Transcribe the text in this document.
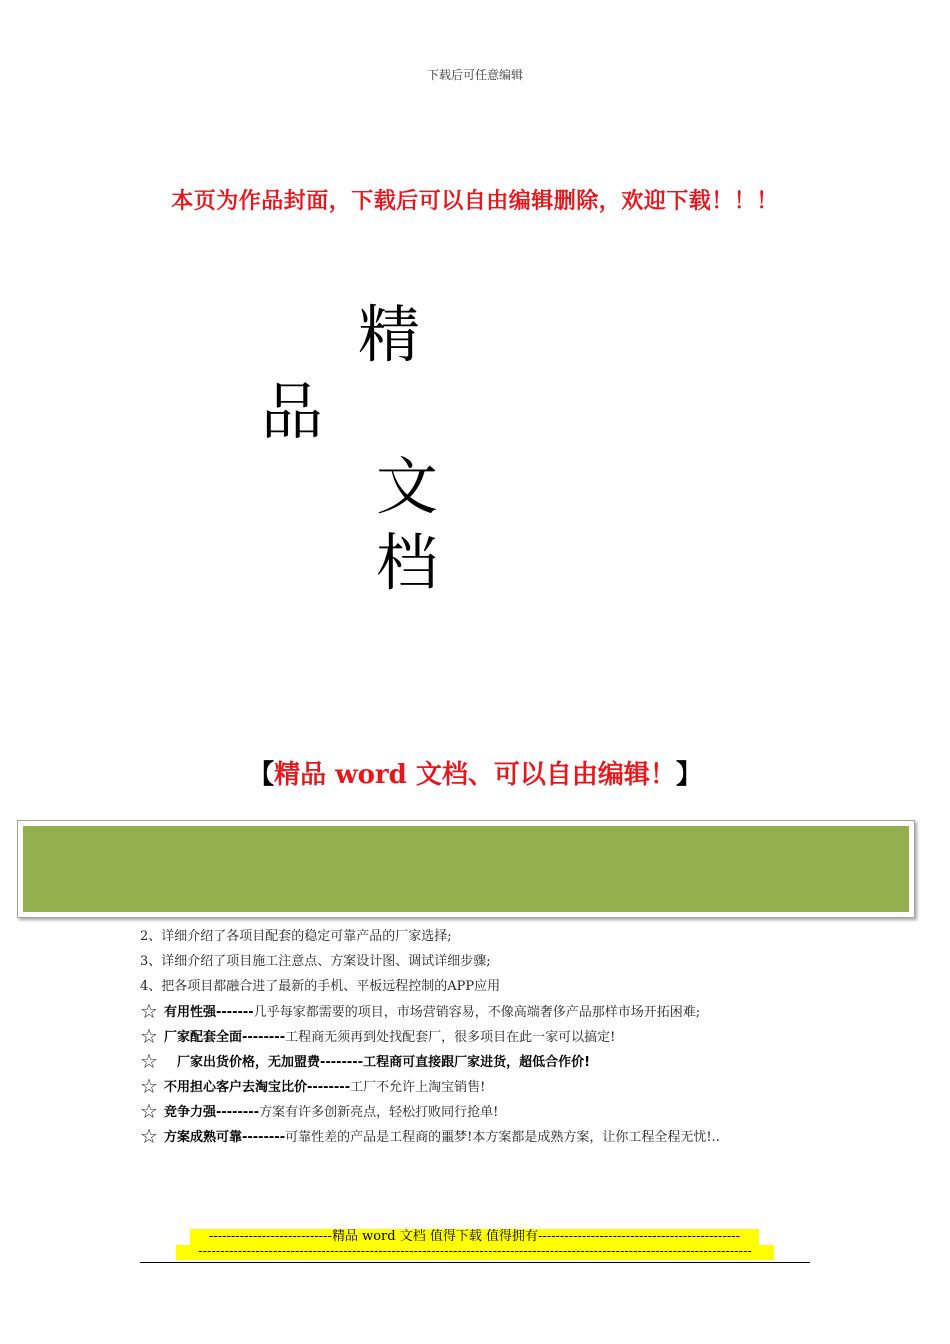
下载后可任意编辑
本页为作品封面，下载后可以自由编辑删除，欢迎下载！！！
精
品
文
档
【精品 word 文档、可以自由编辑！】
2、详细介绍了各项目配套的稳定可靠产品的厂家选择;
3、详细介绍了项目施工注意点、方案设计图、调试详细步骤;
4、把各项目都融合进了最新的手机、平板远程控制的APP应用
☆ 有用性强-------几乎每家都需要的项目，市场营销容易，不像高端奢侈产品那样市场开拓困难;
☆ 厂家配套全面--------工程商无须再到处找配套厂，很多项目在此一家可以搞定!
☆　厂家出货价格，无加盟费--------工程商可直接跟厂家进货，超低合作价!
☆ 不用担心客户去淘宝比价--------工厂不允许上淘宝销售!
☆ 竞争力强--------方案有许多创新亮点，轻松打败同行抢单!
☆ 方案成熟可靠--------可靠性差的产品是工程商的噩梦!本方案都是成熟方案，让你工程全程无忧!..
----------------------------精品 word 文档 值得下载 值得拥有----------------------------------------------
------------------------------------------------------------------------------------------------------------------------------
